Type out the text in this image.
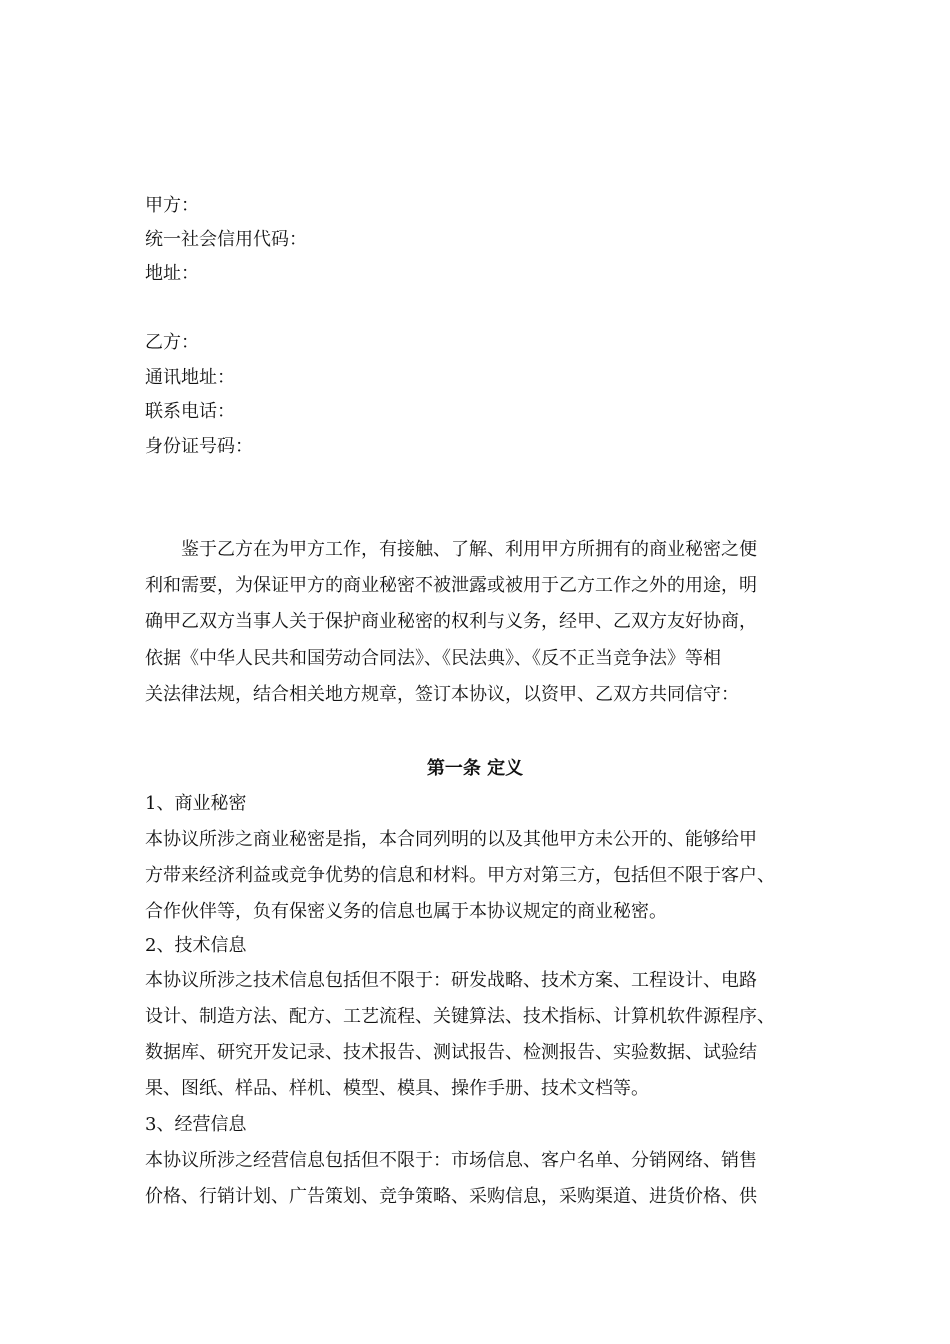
甲方：
统一社会信用代码：
地址：
乙方：
通讯地址：
联系电话：
身份证号码：
鉴于乙方在为甲方工作，有接触、了解、利用甲方所拥有的商业秘密之便
利和需要，为保证甲方的商业秘密不被泄露或被用于乙方工作之外的用途，明
确甲乙双方当事人关于保护商业秘密的权利与义务，经甲、乙双方友好协商，
依据《中华人民共和国劳动合同法》、《民法典》、《反不正当竞争法》等相
关法律法规，结合相关地方规章，签订本协议，以资甲、乙双方共同信守：
第一条 定义
1、商业秘密
本协议所涉之商业秘密是指，本合同列明的以及其他甲方未公开的、能够给甲
方带来经济利益或竞争优势的信息和材料。甲方对第三方，包括但不限于客户、
合作伙伴等，负有保密义务的信息也属于本协议规定的商业秘密。
2、技术信息
本协议所涉之技术信息包括但不限于：研发战略、技术方案、工程设计、电路
设计、制造方法、配方、工艺流程、关键算法、技术指标、计算机软件源程序、
数据库、研究开发记录、技术报告、测试报告、检测报告、实验数据、试验结
果、图纸、样品、样机、模型、模具、操作手册、技术文档等。
3、经营信息
本协议所涉之经营信息包括但不限于：市场信息、客户名单、分销网络、销售
价格、行销计划、广告策划、竞争策略、采购信息，采购渠道、进货价格、供
